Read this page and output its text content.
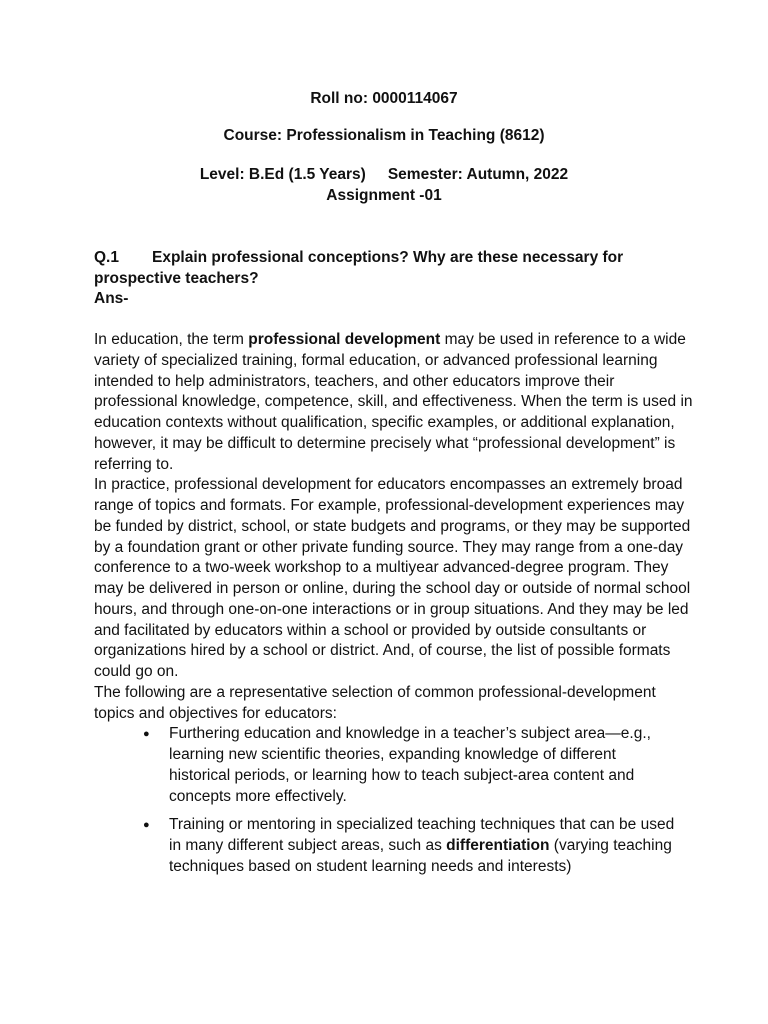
Roll no: 0000114067
Course: Professionalism in Teaching (8612)
Level: B.Ed (1.5 Years) Semester: Autumn, 2022
Assignment -01
Q.1 Explain professional conceptions? Why are these necessary for prospective teachers?
Ans-

In education, the term professional development may be used in reference to a wide variety of specialized training, formal education, or advanced professional learning intended to help administrators, teachers, and other educators improve their professional knowledge, competence, skill, and effectiveness. When the term is used in education contexts without qualification, specific examples, or additional explanation, however, it may be difficult to determine precisely what “professional development” is referring to.

In practice, professional development for educators encompasses an extremely broad range of topics and formats. For example, professional-development experiences may be funded by district, school, or state budgets and programs, or they may be supported by a foundation grant or other private funding source. They may range from a one-day conference to a two-week workshop to a multiyear advanced-degree program. They may be delivered in person or online, during the school day or outside of normal school hours, and through one-on-one interactions or in group situations. And they may be led and facilitated by educators within a school or provided by outside consultants or organizations hired by a school or district. And, of course, the list of possible formats could go on.

The following are a representative selection of common professional-development topics and objectives for educators:

● Furthering education and knowledge in a teacher’s subject area—e.g., learning new scientific theories, expanding knowledge of different historical periods, or learning how to teach subject-area content and concepts more effectively.
● Training or mentoring in specialized teaching techniques that can be used in many different subject areas, such as differentiation (varying teaching techniques based on student learning needs and interests)
